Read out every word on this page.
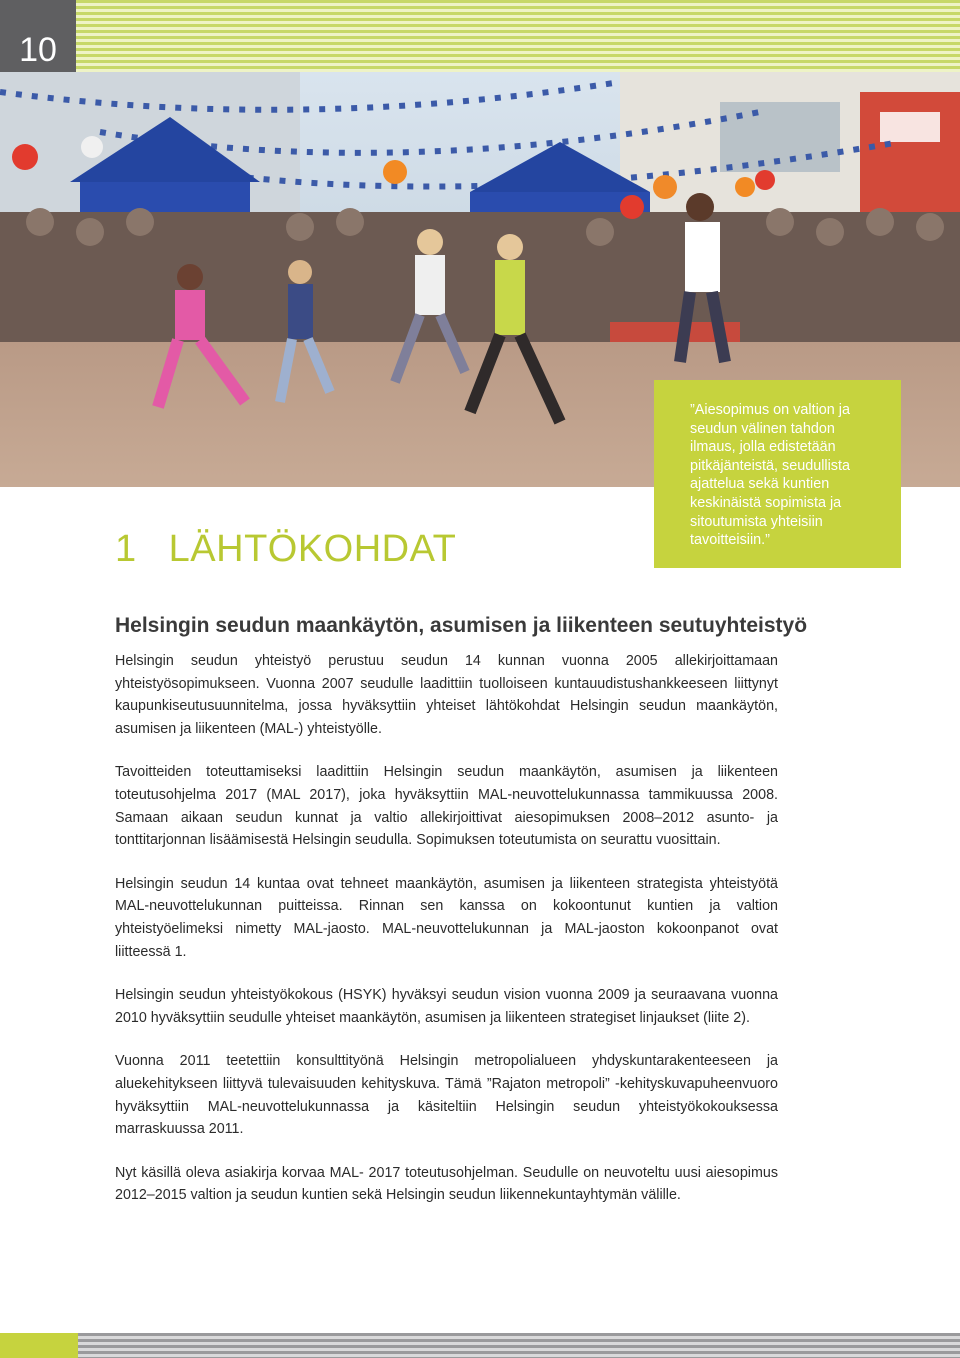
10

”Aiesopimus on valtion ja seudun välinen tahdon ilmaus, jolla edistetään pitkäjänteistä, seudullista ajattelua sekä kuntien keskinäistä sopimista ja sitoutumista yhteisiin tavoitteisiin.”

1 LÄHTÖKOHDAT
Helsingin seudun maankäytön, asumisen ja liikenteen seutuyhteistyö

Helsingin seudun yhteistyö perustuu seudun 14 kunnan vuonna 2005 allekirjoittamaan yhteistyösopimukseen. Vuonna 2007 seudulle laadittiin tuolloiseen kuntauudistushankkeeseen liittynyt kaupunkiseutusuunnitelma, jossa hyväksyttiin yhteiset lähtökohdat Helsingin seudun maankäytön, asumisen ja liikenteen (MAL-) yhteistyölle.

Tavoitteiden toteuttamiseksi laadittiin Helsingin seudun maankäytön, asumisen ja liikenteen toteutusohjelma 2017 (MAL 2017), joka hyväksyttiin MAL-neuvottelukunnassa tammikuussa 2008. Samaan aikaan seudun kunnat ja valtio allekirjoittivat aiesopimuksen 2008–2012 asunto- ja tonttitarjonnan lisäämisestä Helsingin seudulla. Sopimuksen toteutumista on seurattu vuosittain.

Helsingin seudun 14 kuntaa ovat tehneet maankäytön, asumisen ja liikenteen strategista yhteistyötä MAL-neuvottelukunnan puitteissa. Rinnan sen kanssa on kokoontunut kuntien ja valtion yhteistyöelimeksi nimetty MAL-jaosto. MAL-neuvottelukunnan ja MAL-jaoston kokoonpanot ovat liitteessä 1.

Helsingin seudun yhteistyökokous (HSYK) hyväksyi seudun vision vuonna 2009 ja seuraavana vuonna 2010 hyväksyttiin seudulle yhteiset maankäytön, asumisen ja liikenteen strategiset linjaukset (liite 2).

Vuonna 2011 teetettiin konsulttityönä Helsingin metropolialueen yhdyskuntarakenteeseen ja aluekehitykseen liittyvä tulevaisuuden kehityskuva. Tämä ”Rajaton metropoli” -kehityskuvapuheenvuoro hyväksyttiin MAL-neuvottelukunnassa ja käsiteltiin Helsingin seudun yhteistyökokouksessa marraskuussa 2011.

Nyt käsillä oleva asiakirja korvaa MAL- 2017 toteutusohjelman. Seudulle on neuvoteltu uusi aiesopimus 2012–2015 valtion ja seudun kuntien sekä Helsingin seudun liikennekuntayhtymän välille.
